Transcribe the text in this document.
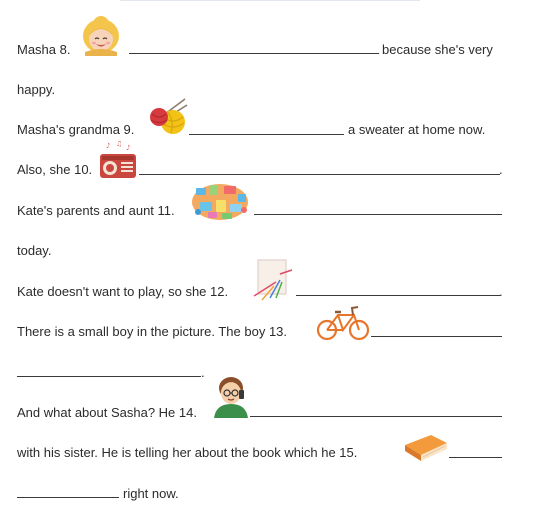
Masha 8.	because she's very
happy.
Masha's grandma 9.	a sweater at home now.
Also, she 10.
♪ ♫ ♪
.
Kate's parents and aunt 11.
today.
Kate doesn't want to play, so she 12.	.
There is a small boy in the picture. The boy 13.
.
And what about Sasha? He 14.
with his sister. He is telling her about the book which he 15.
right now.
